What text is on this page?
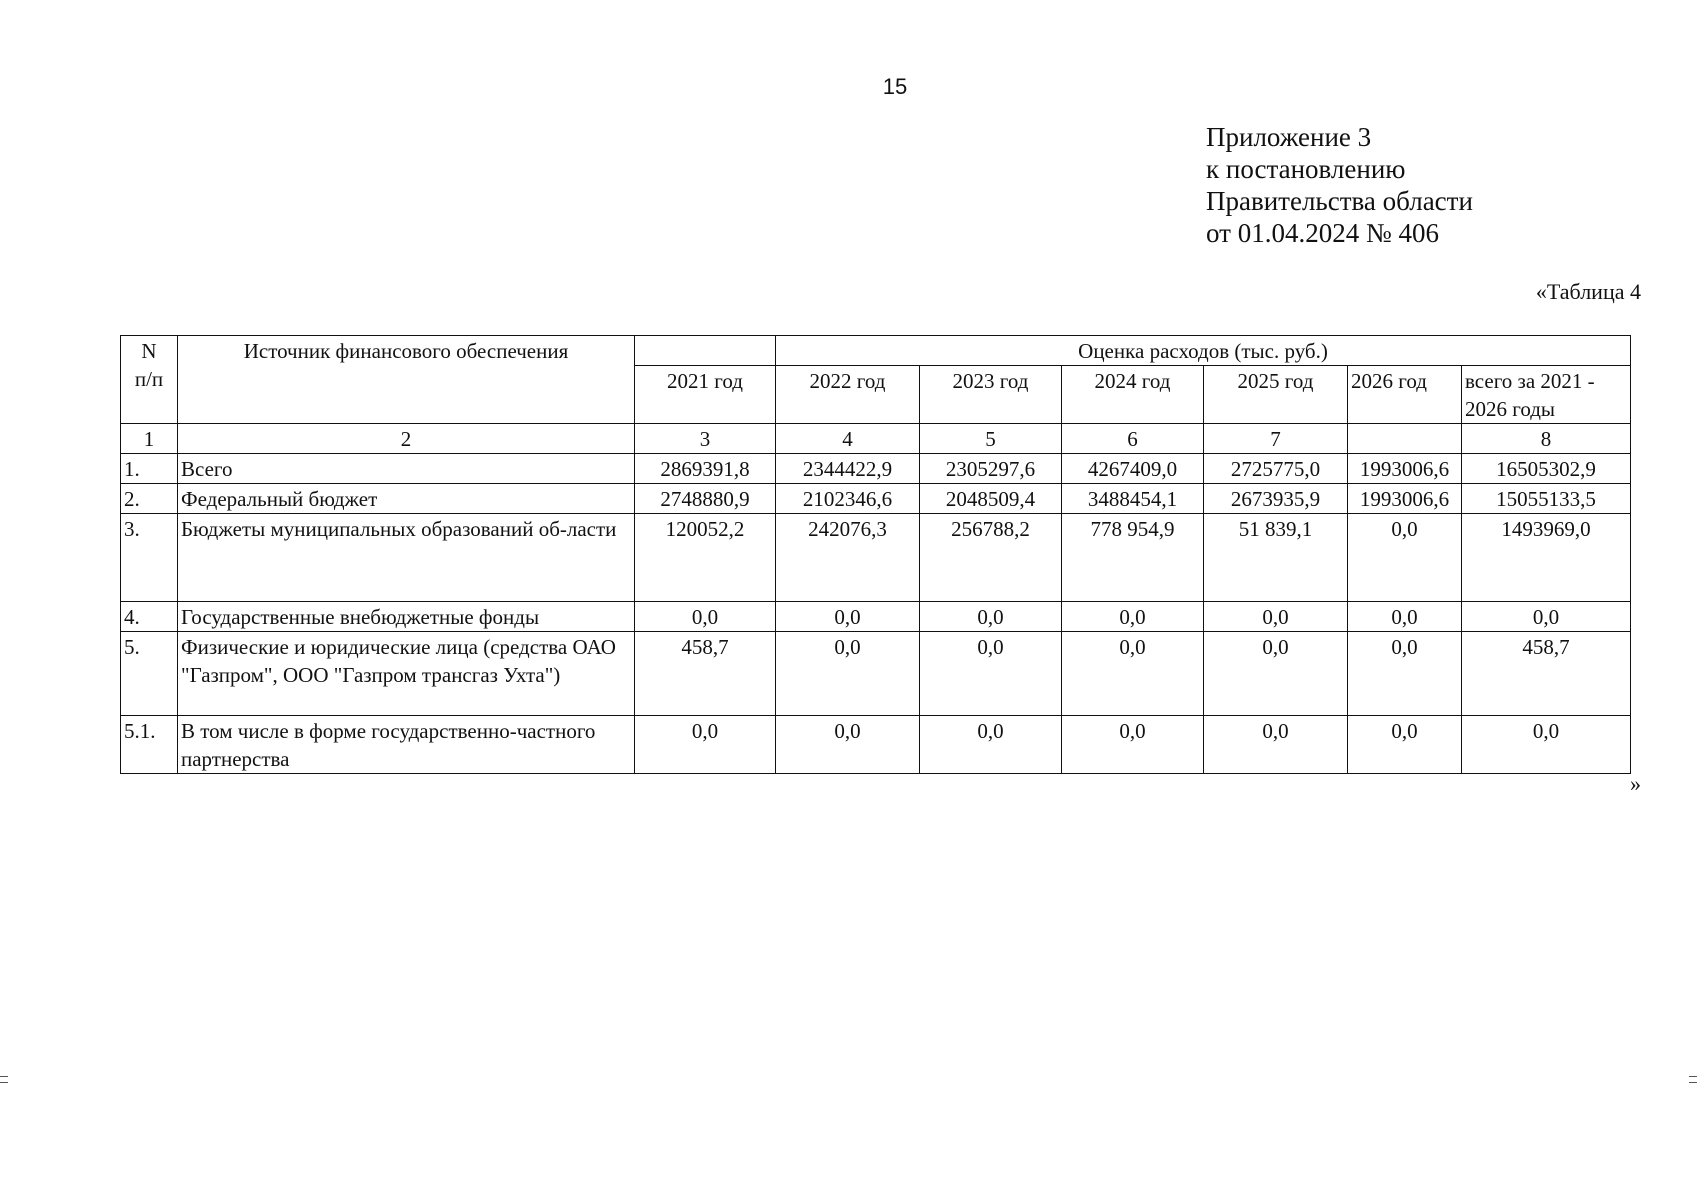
15
Приложение 3
к постановлению
Правительства области
от 01.04.2024 № 406
«Таблица 4
N
п/п	Источник финансового обеспечения		Оценка расходов (тыс. руб.)					
		2021 год	2022 год	2023 год	2024 год	2025 год	2026 год	всего за 2021 - 2026 годы
1	2	3	4	5	6	7		8
1.	Всего	2869391,8	2344422,9	2305297,6	4267409,0	2725775,0	1993006,6	16505302,9
2.	Федеральный бюджет	2748880,9	2102346,6	2048509,4	3488454,1	2673935,9	1993006,6	15055133,5
3.	Бюджеты муниципальных образований об-ласти	120052,2	242076,3	256788,2	778 954,9	51 839,1	0,0	1493969,0
4.	Государственные внебюджетные фонды	0,0	0,0	0,0	0,0	0,0	0,0	0,0
5.	Физические и юридические лица (средства ОАО "Газпром", ООО "Газпром трансгаз Ухта")	458,7	0,0	0,0	0,0	0,0	0,0	458,7
5.1.	В том числе в форме государственно-частного партнерства	0,0	0,0	0,0	0,0	0,0	0,0	0,0
»
